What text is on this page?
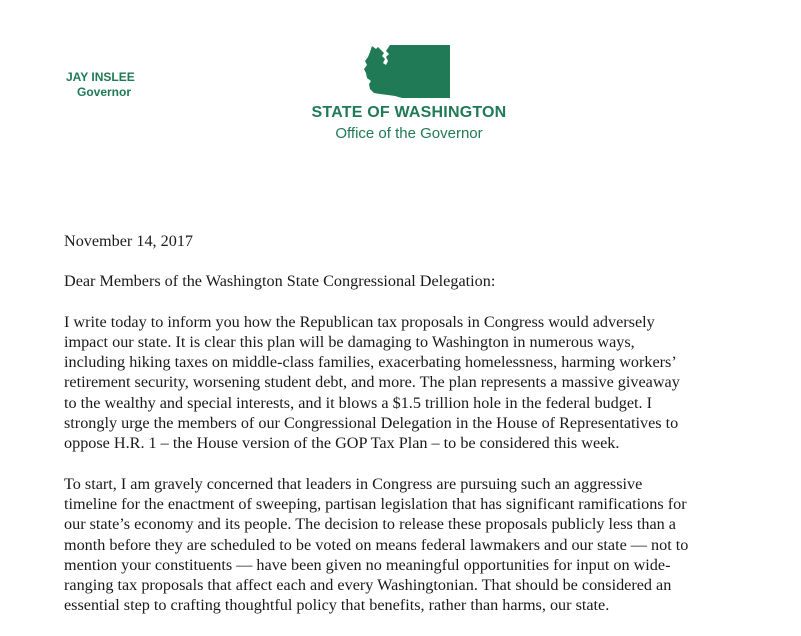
JAY INSLEE
Governor
STATE OF WASHINGTON
Office of the Governor

November 14, 2017

Dear Members of the Washington State Congressional Delegation:

I write today to inform you how the Republican tax proposals in Congress would adversely
impact our state. It is clear this plan will be damaging to Washington in numerous ways,
including hiking taxes on middle-class families, exacerbating homelessness, harming workers’
retirement security, worsening student debt, and more. The plan represents a massive giveaway
to the wealthy and special interests, and it blows a $1.5 trillion hole in the federal budget. I
strongly urge the members of our Congressional Delegation in the House of Representatives to
oppose H.R. 1 – the House version of the GOP Tax Plan – to be considered this week.

To start, I am gravely concerned that leaders in Congress are pursuing such an aggressive
timeline for the enactment of sweeping, partisan legislation that has significant ramifications for
our state’s economy and its people. The decision to release these proposals publicly less than a
month before they are scheduled to be voted on means federal lawmakers and our state — not to
mention your constituents — have been given no meaningful opportunities for input on wide-
ranging tax proposals that affect each and every Washingtonian. That should be considered an
essential step to crafting thoughtful policy that benefits, rather than harms, our state.
